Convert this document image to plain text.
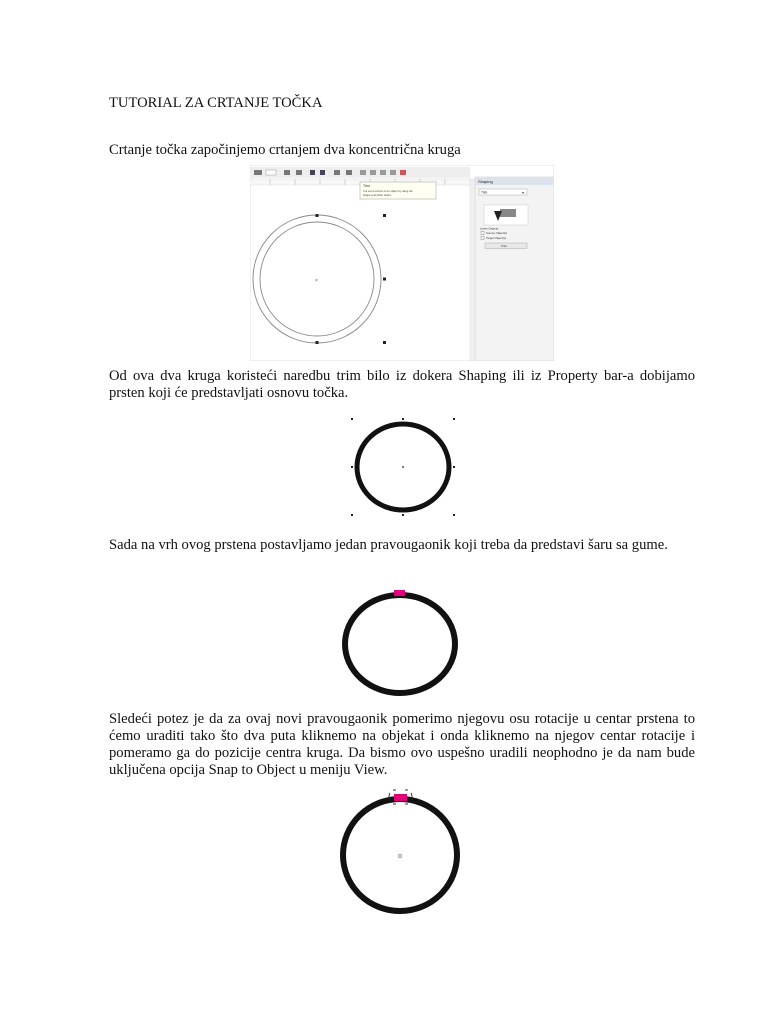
TUTORIAL ZA CRTANJE TOČKA

Crtanje točka započinjemo crtanjem dva koncentrična kruga

Trim
Cut out a portion of an object by using the
shape of another object.
×
Shaping
Trim	▾
Leave Original:
Source Object(s)
Target Object(s)
Trim

Od ova dva kruga koristeći naredbu trim bilo iz dokera Shaping ili iz Property bar-a dobijamo prsten koji će predstavljati osnovu točka.

Sada na vrh ovog prstena postavljamo jedan pravougaonik koji treba da predstavi šaru sa gume.

Sledeći potez je da za ovaj novi pravougaonik pomerimo njegovu osu rotacije u centar prstena to ćemo uraditi tako što dva puta kliknemo na objekat i onda kliknemo na njegov centar rotacije i pomeramo ga do pozicije centra kruga. Da bismo ovo uspešno uradili neophodno je da nam bude uključena opcija Snap to Object u meniju View.
